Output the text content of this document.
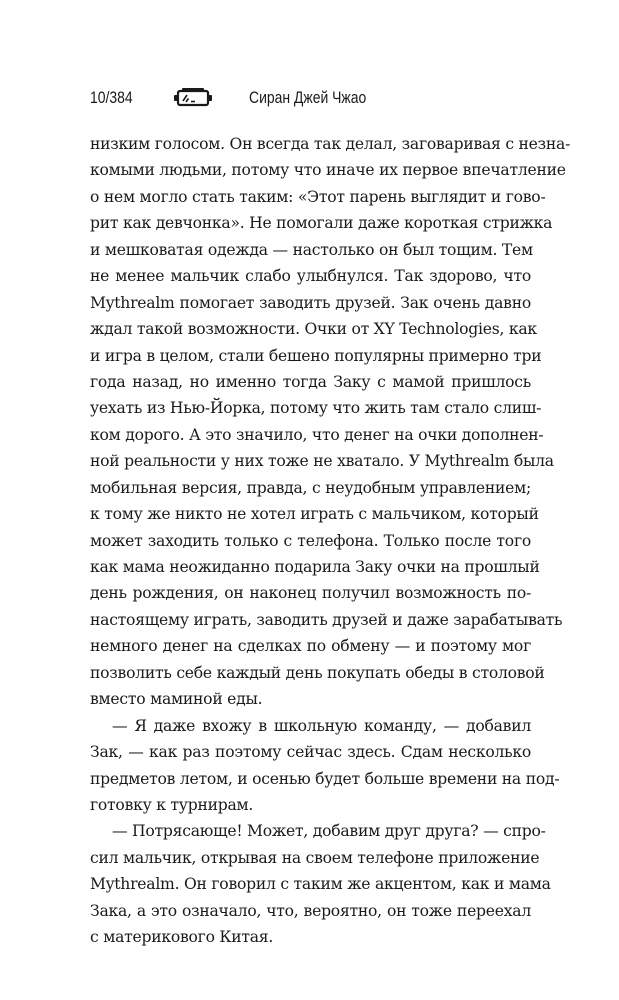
10/384	Сиран Джей Чжао
низким голосом. Он всегда так делал, заговаривая с незна-
комыми людьми, потому что иначе их первое впечатление
о нем могло стать таким: «Этот парень выглядит и гово-
рит как девчонка». Не помогали даже короткая стрижка
и мешковатая одежда — настолько он был тощим. Тем
не менее мальчик слабо улыбнулся. Так здорово, что
Mythrealm помогает заводить друзей. Зак очень давно
ждал такой возможности. Очки от XY Technologies, как
и игра в целом, стали бешено популярны примерно три
года назад, но именно тогда Заку с мамой пришлось
уехать из Нью-Йорка, потому что жить там стало слиш-
ком дорого. А это значило, что денег на очки дополнен-
ной реальности у них тоже не хватало. У Mythrealm была
мобильная версия, правда, с неудобным управлением;
к тому же никто не хотел играть с мальчиком, который
может заходить только с телефона. Только после того
как мама неожиданно подарила Заку очки на прошлый
день рождения, он наконец получил возможность по-
настоящему играть, заводить друзей и даже зарабатывать
немного денег на сделках по обмену — и поэтому мог
позволить себе каждый день покупать обеды в столовой
вместо маминой еды.
— Я даже вхожу в школьную команду, — добавил
Зак, — как раз поэтому сейчас здесь. Сдам несколько
предметов летом, и осенью будет больше времени на под-
готовку к турнирам.
— Потрясающе! Может, добавим друг друга? — спро-
сил мальчик, открывая на своем телефоне приложение
Mythrealm. Он говорил с таким же акцентом, как и мама
Зака, а это означало, что, вероятно, он тоже переехал
с материкового Китая.
